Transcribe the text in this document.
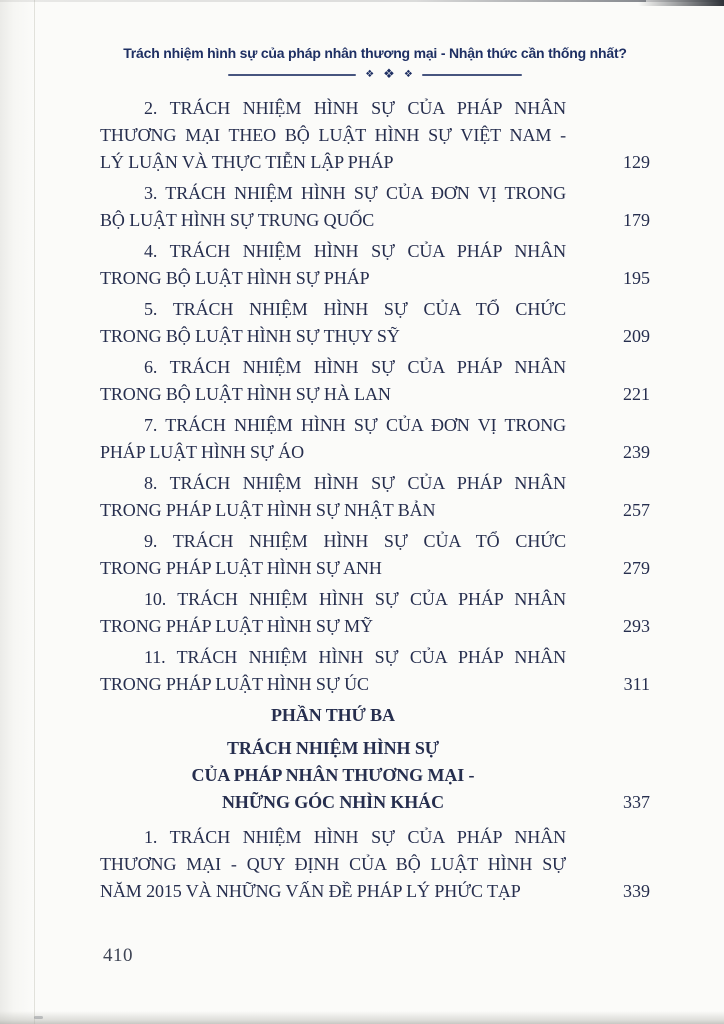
Trách nhiệm hình sự của pháp nhân thương mại - Nhận thức cần thống nhất?
❖ ❖ ❖
2. TRÁCH NHIỆM HÌNH SỰ CỦA PHÁP NHÂN
THƯƠNG MẠI THEO BỘ LUẬT HÌNH SỰ VIỆT NAM -
LÝ LUẬN VÀ THỰC TIỄN LẬP PHÁP	129
3. TRÁCH NHIỆM HÌNH SỰ CỦA ĐƠN VỊ TRONG
BỘ LUẬT HÌNH SỰ TRUNG QUỐC	179
4. TRÁCH NHIỆM HÌNH SỰ CỦA PHÁP NHÂN
TRONG BỘ LUẬT HÌNH SỰ PHÁP	195
5. TRÁCH NHIỆM HÌNH SỰ CỦA TỔ CHỨC
TRONG BỘ LUẬT HÌNH SỰ THỤY SỸ	209
6. TRÁCH NHIỆM HÌNH SỰ CỦA PHÁP NHÂN
TRONG BỘ LUẬT HÌNH SỰ HÀ LAN	221
7. TRÁCH NHIỆM HÌNH SỰ CỦA ĐƠN VỊ TRONG
PHÁP LUẬT HÌNH SỰ ÁO	239
8. TRÁCH NHIỆM HÌNH SỰ CỦA PHÁP NHÂN
TRONG PHÁP LUẬT HÌNH SỰ NHẬT BẢN	257
9. TRÁCH NHIỆM HÌNH SỰ CỦA TỔ CHỨC
TRONG PHÁP LUẬT HÌNH SỰ ANH	279
10. TRÁCH NHIỆM HÌNH SỰ CỦA PHÁP NHÂN
TRONG PHÁP LUẬT HÌNH SỰ MỸ	293
11. TRÁCH NHIỆM HÌNH SỰ CỦA PHÁP NHÂN
TRONG PHÁP LUẬT HÌNH SỰ ÚC	311
PHẦN THỨ BA
TRÁCH NHIỆM HÌNH SỰ
CỦA PHÁP NHÂN THƯƠNG MẠI -
NHỮNG GÓC NHÌN KHÁC	337
1. TRÁCH NHIỆM HÌNH SỰ CỦA PHÁP NHÂN
THƯƠNG MẠI - QUY ĐỊNH CỦA BỘ LUẬT HÌNH SỰ
NĂM 2015 VÀ NHỮNG VẤN ĐỀ PHÁP LÝ PHỨC TẠP	339
410
